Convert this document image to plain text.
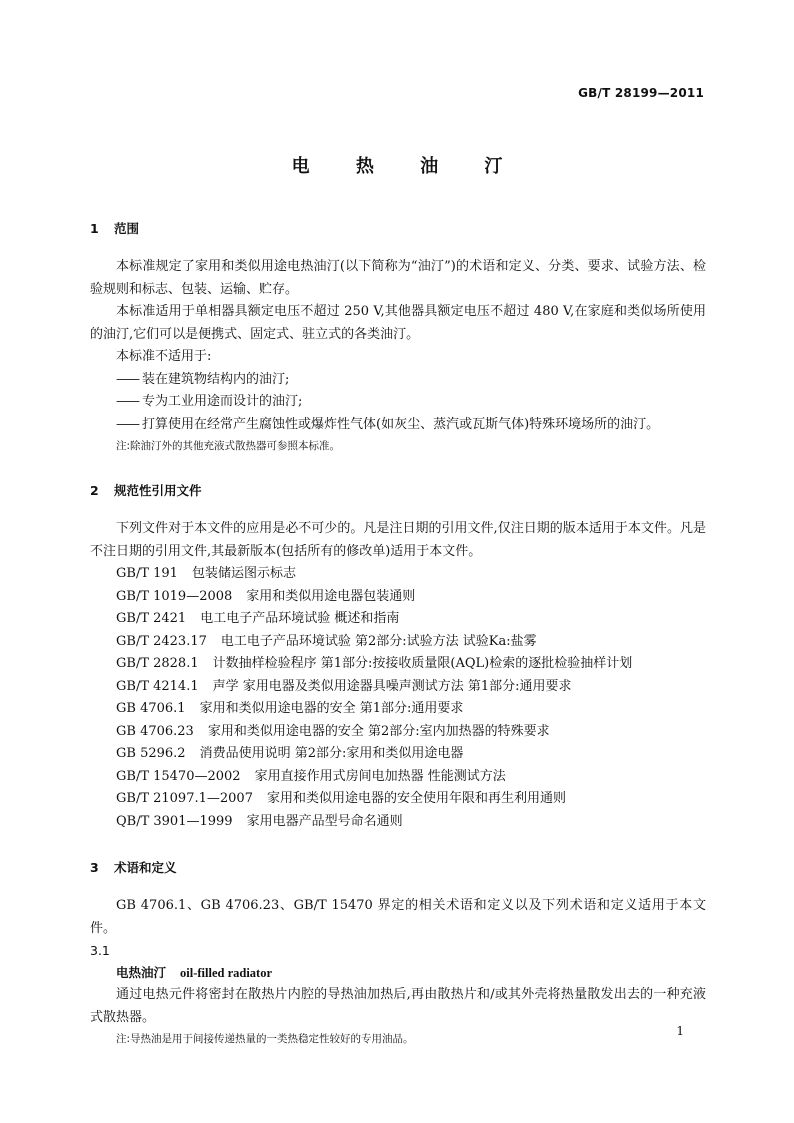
GB/T 28199—2011
电 热 油 汀
1 范围

本标准规定了家用和类似用途电热油汀(以下简称为“油汀”)的术语和定义、分类、要求、试验方法、检验规则和标志、包装、运输、贮存。

本标准适用于单相器具额定电压不超过 250 V,其他器具额定电压不超过 480 V,在家庭和类似场所使用的油汀,它们可以是便携式、固定式、驻立式的各类油汀。

本标准不适用于:

—— 装在建筑物结构内的油汀;

—— 专为工业用途而设计的油汀;

—— 打算使用在经常产生腐蚀性或爆炸性气体(如灰尘、蒸汽或瓦斯气体)特殊环境场所的油汀。

注:除油汀外的其他充液式散热器可参照本标准。

2 规范性引用文件

下列文件对于本文件的应用是必不可少的。凡是注日期的引用文件,仅注日期的版本适用于本文件。凡是不注日期的引用文件,其最新版本(包括所有的修改单)适用于本文件。

GB/T 191 包装储运图示标志

GB/T 1019—2008 家用和类似用途电器包装通则

GB/T 2421 电工电子产品环境试验 概述和指南

GB/T 2423.17 电工电子产品环境试验 第2部分:试验方法 试验Ka:盐雾

GB/T 2828.1 计数抽样检验程序 第1部分:按接收质量限(AQL)检索的逐批检验抽样计划

GB/T 4214.1 声学 家用电器及类似用途器具噪声测试方法 第1部分:通用要求

GB 4706.1 家用和类似用途电器的安全 第1部分:通用要求

GB 4706.23 家用和类似用途电器的安全 第2部分:室内加热器的特殊要求

GB 5296.2 消费品使用说明 第2部分:家用和类似用途电器

GB/T 15470—2002 家用直接作用式房间电加热器 性能测试方法

GB/T 21097.1—2007 家用和类似用途电器的安全使用年限和再生利用通则

QB/T 3901—1999 家用电器产品型号命名通则

3 术语和定义

GB 4706.1、GB 4706.23、GB/T 15470 界定的相关术语和定义以及下列术语和定义适用于本文件。

3.1

电热油汀 oil-filled radiator

通过电热元件将密封在散热片内腔的导热油加热后,再由散热片和/或其外壳将热量散发出去的一种充液式散热器。

注:导热油是用于间接传递热量的一类热稳定性较好的专用油品。

1
